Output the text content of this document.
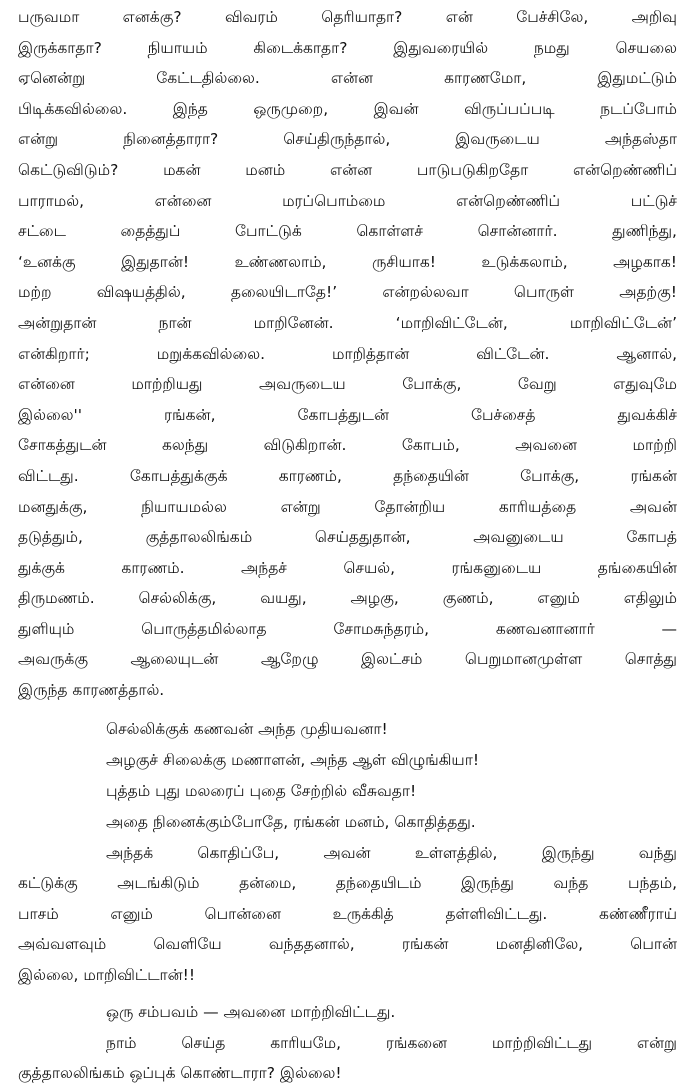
பருவமா எனக்கு? விவரம் தெரியாதா? என் பேச்சிலே, அறிவு
இருக்காதா? நியாயம் கிடைக்காதா? இதுவரையில் நமது செயலை
ஏனென்று கேட்டதில்லை. என்ன காரணமோ, இதுமட்டும்
பிடிக்கவில்லை. இந்த ஒருமுறை, இவன் விருப்பப்படி நடப்போம்
என்று நினைத்தாரா? செய்திருந்தால், இவருடைய அந்தஸ்தா
கெட்டுவிடும்? மகன் மனம் என்ன பாடுபடுகிறதோ என்றெண்ணிப்
பாராமல், என்னை மரப்பொம்மை என்றெண்ணிப் பட்டுச்
சட்டை தைத்துப் போட்டுக் கொள்ளச் சொன்னார். துணிந்து,
‘உனக்கு இதுதான்! உண்ணலாம், ருசியாக! உடுக்கலாம், அழகாக!
மற்ற விஷயத்தில், தலையிடாதே!’ என்றல்லவா பொருள் அதற்கு!
அன்றுதான் நான் மாறினேன். ‘மாறிவிட்டேன், மாறிவிட்டேன்’
என்கிறார்; மறுக்கவில்லை. மாறித்தான் விட்டேன். ஆனால்,
என்னை மாற்றியது அவருடைய போக்கு, வேறு எதுவுமே
இல்லை'' ரங்கன், கோபத்துடன் பேச்சைத் துவக்கிச்
சோகத்துடன் கலந்து விடுகிறான். கோபம், அவனை மாற்றி
விட்டது. கோபத்துக்குக் காரணம், தந்தையின் போக்கு, ரங்கன்
மனதுக்கு, நியாயமல்ல என்று தோன்றிய காரியத்தை அவன்
தடுத்தும், குத்தாலலிங்கம் செய்ததுதான், அவனுடைய கோபத்
துக்குக் காரணம். அந்தச் செயல், ரங்கனுடைய தங்கையின்
திருமணம். செல்லிக்கு, வயது, அழகு, குணம், எனும் எதிலும்
துளியும் பொருத்தமில்லாத சோமசுந்தரம், கணவனானார் —
அவருக்கு ஆலையுடன் ஆறேழு இலட்சம் பெறுமானமுள்ள சொத்து
இருந்த காரணத்தால்.
செல்லிக்குக் கணவன் அந்த முதியவனா!
அழகுச் சிலைக்கு மணாளன், அந்த ஆள் விழுங்கியா!
புத்தம் புது மலரைப் புதை சேற்றில் வீசுவதா!
அதை நினைக்கும்போதே, ரங்கன் மனம், கொதித்தது.
அந்தக் கொதிப்பே, அவன் உள்ளத்தில், இருந்து வந்து
கட்டுக்கு அடங்கிடும் தன்மை, தந்தையிடம் இருந்து வந்த பந்தம்,
பாசம் எனும் பொன்னை உருக்கித் தள்ளிவிட்டது. கண்ணீராய்
அவ்வளவும் வெளியே வந்ததனால், ரங்கன் மனதினிலே, பொன்
இல்லை, மாறிவிட்டான்!!

ஒரு சம்பவம் — அவனை மாற்றிவிட்டது.

நாம் செய்த காரியமே, ரங்கனை மாற்றிவிட்டது என்று
குத்தாலலிங்கம் ஒப்புக் கொண்டாரா? இல்லை!
